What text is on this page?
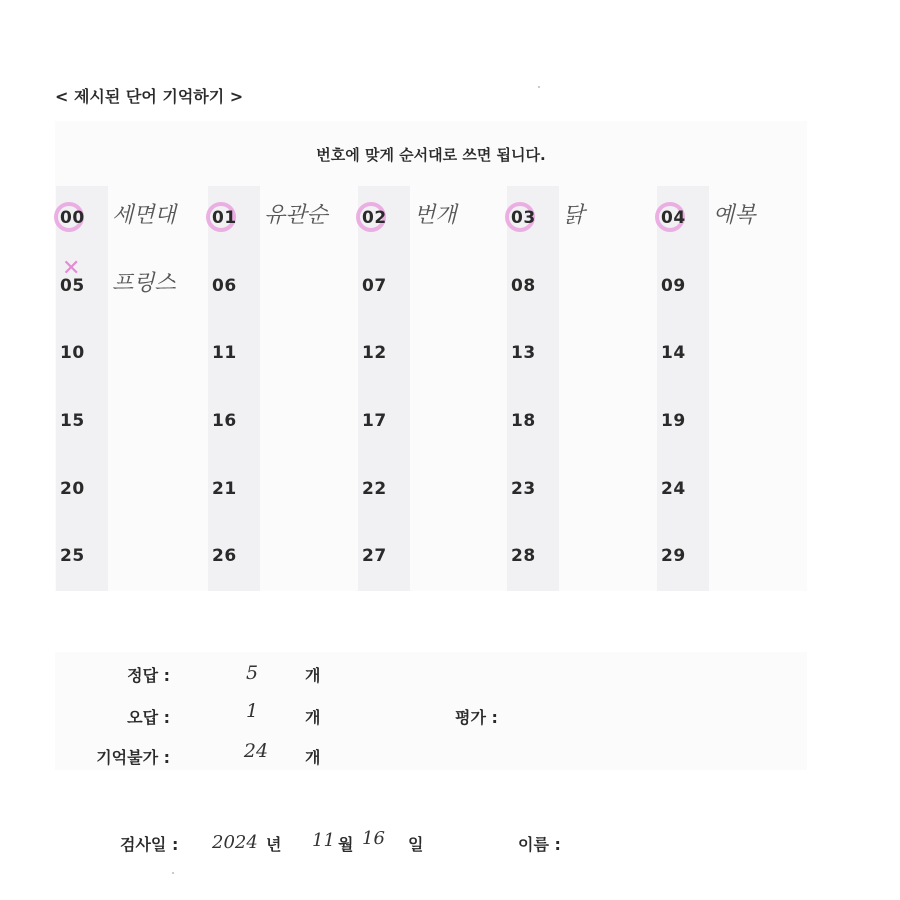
< 제시된 단어 기억하기 >
번호에 맞게 순서대로 쓰면 됩니다.
00	세면대 01	유관순 02	번개	03	닭	04	예복
✕
05	프링스 06	07	08	09
10	11	12	13	14
15	16	17	18	19
20	21	22	23	24
25	26	27	28	29
정답 :	5	개
오답 :	1	개
기억불가 :	24	개
평가 :
검사일 : 2024 년 11 월 16 일	이름 :
